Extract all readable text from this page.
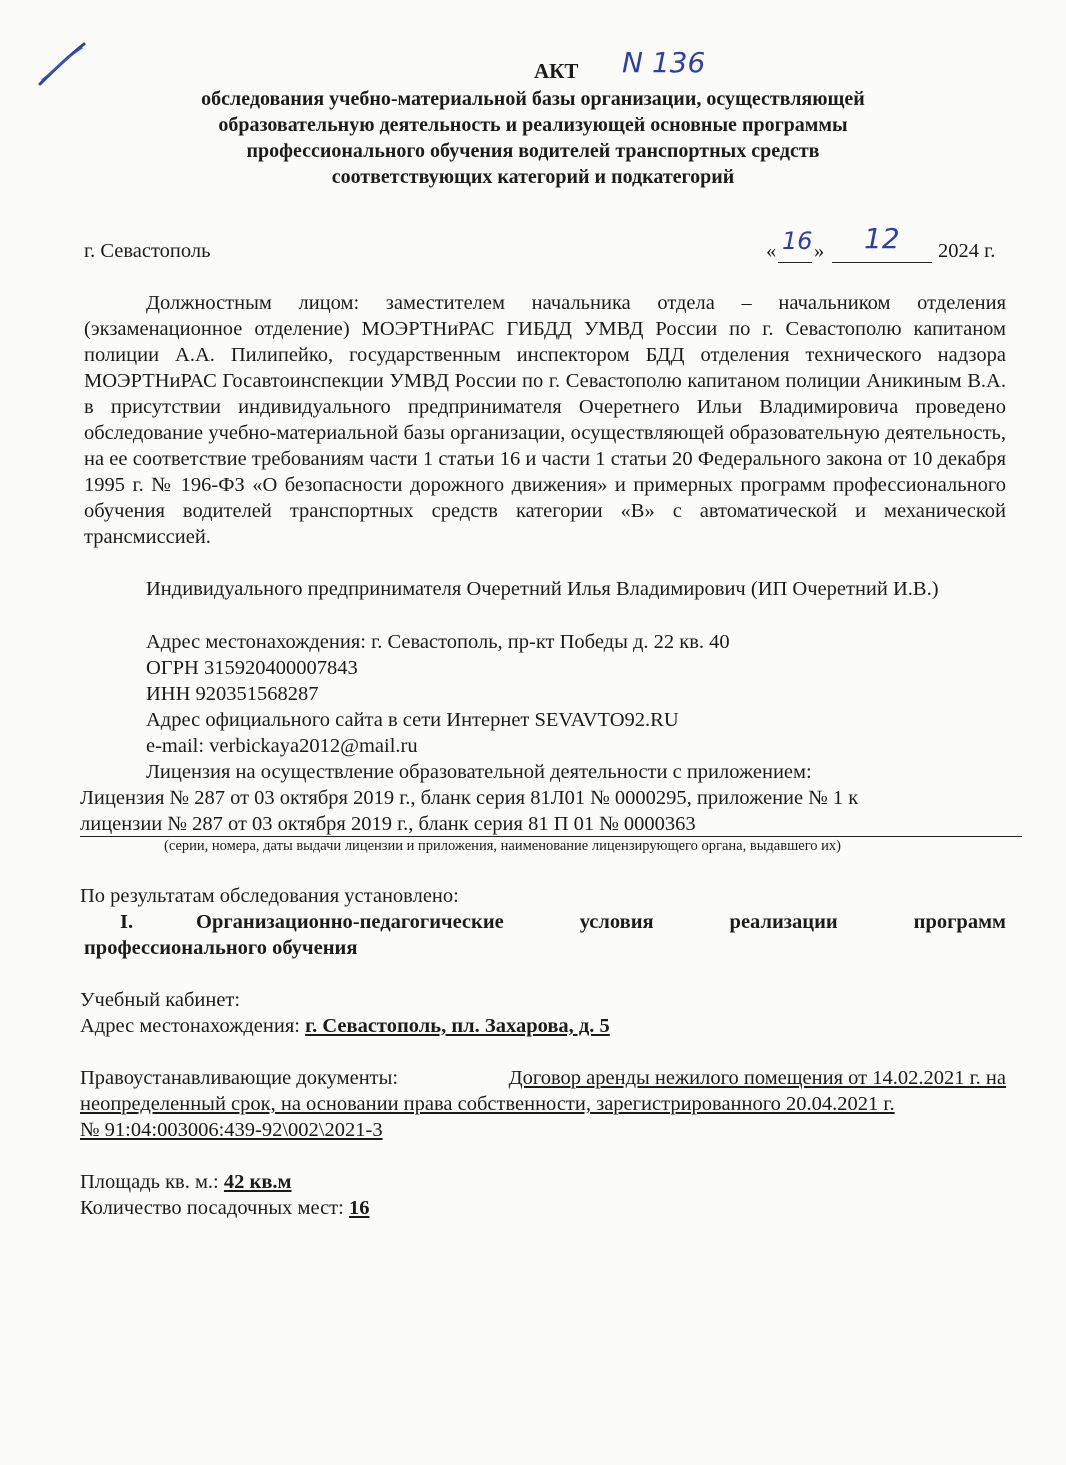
АКТ N 136
обследования учебно-материальной базы организации, осуществляющей
образовательную деятельность и реализующей основные программы
профессионального обучения водителей транспортных средств
соответствующих категорий и подкатегорий
г. Севастополь	« 16 » 12 2024 г.
Должностным лицом: заместителем начальника отдела – начальником отделения (экзаменационное отделение) МОЭРТНиРАС ГИБДД УМВД России по г. Севастополю капитаном полиции А.А. Пилипейко, государственным инспектором БДД отделения технического надзора МОЭРТНиРАС Госавтоинспекции УМВД России по г. Севастополю капитаном полиции Аникиным В.А. в присутствии индивидуального предпринимателя Очеретнего Ильи Владимировича проведено обследование учебно-материальной базы организации, осуществляющей образовательную деятельность, на ее соответствие требованиям части 1 статьи 16 и части 1 статьи 20 Федерального закона от 10 декабря 1995 г. № 196-ФЗ «О безопасности дорожного движения» и примерных программ профессионального обучения водителей транспортных средств категории «B» с автоматической и механической трансмиссией.
Индивидуального предпринимателя Очеретний Илья Владимирович (ИП Очеретний И.В.)
Адрес местонахождения: г. Севастополь, пр-кт Победы д. 22 кв. 40
ОГРН 315920400007843
ИНН 920351568287
Адрес официального сайта в сети Интернет SEVAVTO92.RU
e-mail: verbickaya2012@mail.ru
Лицензия на осуществление образовательной деятельности с приложением:
Лицензия № 287 от 03 октября 2019 г., бланк серия 81Л01 № 0000295, приложение № 1 к
лицензии № 287 от 03 октября 2019 г., бланк серия 81 П 01 № 0000363
(серии, номера, даты выдачи лицензии и приложения, наименование лицензирующего органа, выдавшего их)
По результатам обследования установлено:
I.	Организационно-педагогические	условия	реализации	программ
профессионального обучения
Учебный кабинет:
Адрес местонахождения: г. Севастополь, пл. Захарова, д. 5
Правоустанавливающие документы:	Договор аренды нежилого помещения от 14.02.2021 г. на
неопределенный срок, на основании права собственности, зарегистрированного 20.04.2021 г.
№ 91:04:003006:439-92\002\2021-3
Площадь кв. м.: 42 кв.м
Количество посадочных мест: 16
